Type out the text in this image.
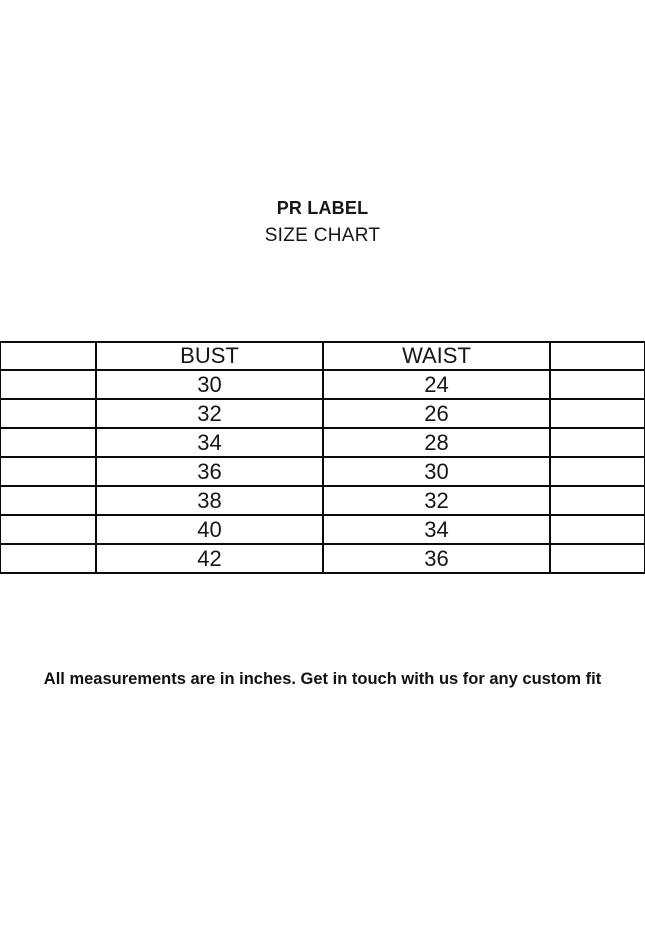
PR LABEL
SIZE CHART
	BUST	WAIST	
	30	24	
	32	26	
	34	28	
	36	30	
	38	32	
	40	34	
	42	36	
All measurements are in inches. Get in touch with us for any custom fit
